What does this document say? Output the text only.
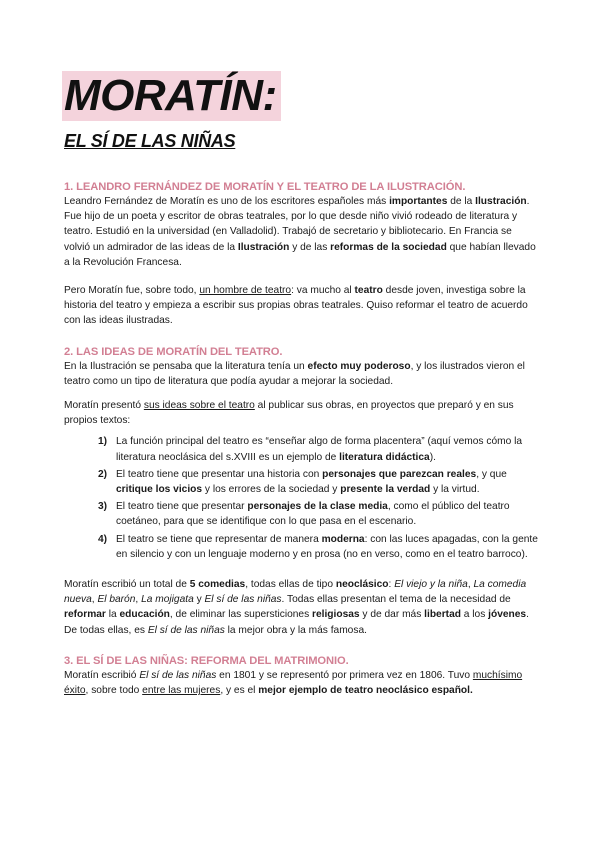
MORATÍN:
EL SÍ DE LAS NIÑAS
1. LEANDRO FERNÁNDEZ DE MORATÍN Y EL TEATRO DE LA ILUSTRACIÓN.

Leandro Fernández de Moratín es uno de los escritores españoles más importantes de la Ilustración. Fue hijo de un poeta y escritor de obras teatrales, por lo que desde niño vivió rodeado de literatura y teatro. Estudió en la universidad (en Valladolid). Trabajó de secretario y bibliotecario. En Francia se volvió un admirador de las ideas de la Ilustración y de las reformas de la sociedad que habían llevado a la Revolución Francesa.

Pero Moratín fue, sobre todo, un hombre de teatro: va mucho al teatro desde joven, investiga sobre la historia del teatro y empieza a escribir sus propias obras teatrales. Quiso reformar el teatro de acuerdo con las ideas ilustradas.

2. LAS IDEAS DE MORATÍN DEL TEATRO.

En la Ilustración se pensaba que la literatura tenía un efecto muy poderoso, y los ilustrados vieron el teatro como un tipo de literatura que podía ayudar a mejorar la sociedad.

Moratín presentó sus ideas sobre el teatro al publicar sus obras, en proyectos que preparó y en sus propios textos:

1) La función principal del teatro es “enseñar algo de forma placentera” (aquí vemos cómo la literatura neoclásica del s.XVIII es un ejemplo de literatura didáctica).
2) El teatro tiene que presentar una historia con personajes que parezcan reales, y que critique los vicios y los errores de la sociedad y presente la verdad y la virtud.
3) El teatro tiene que presentar personajes de la clase media, como el público del teatro coetáneo, para que se identifique con lo que pasa en el escenario.
4) El teatro se tiene que representar de manera moderna: con las luces apagadas, con la gente en silencio y con un lenguaje moderno y en prosa (no en verso, como en el teatro barroco).

Moratín escribió un total de 5 comedias, todas ellas de tipo neoclásico: El viejo y la niña, La comedia nueva, El barón, La mojigata y El sí de las niñas. Todas ellas presentan el tema de la necesidad de reformar la educación, de eliminar las supersticiones religiosas y de dar más libertad a los jóvenes. De todas ellas, es El sí de las niñas la mejor obra y la más famosa.

3. EL SÍ DE LAS NIÑAS: REFORMA DEL MATRIMONIO.

Moratín escribió El sí de las niñas en 1801 y se representó por primera vez en 1806. Tuvo muchísimo éxito, sobre todo entre las mujeres, y es el mejor ejemplo de teatro neoclásico español.
